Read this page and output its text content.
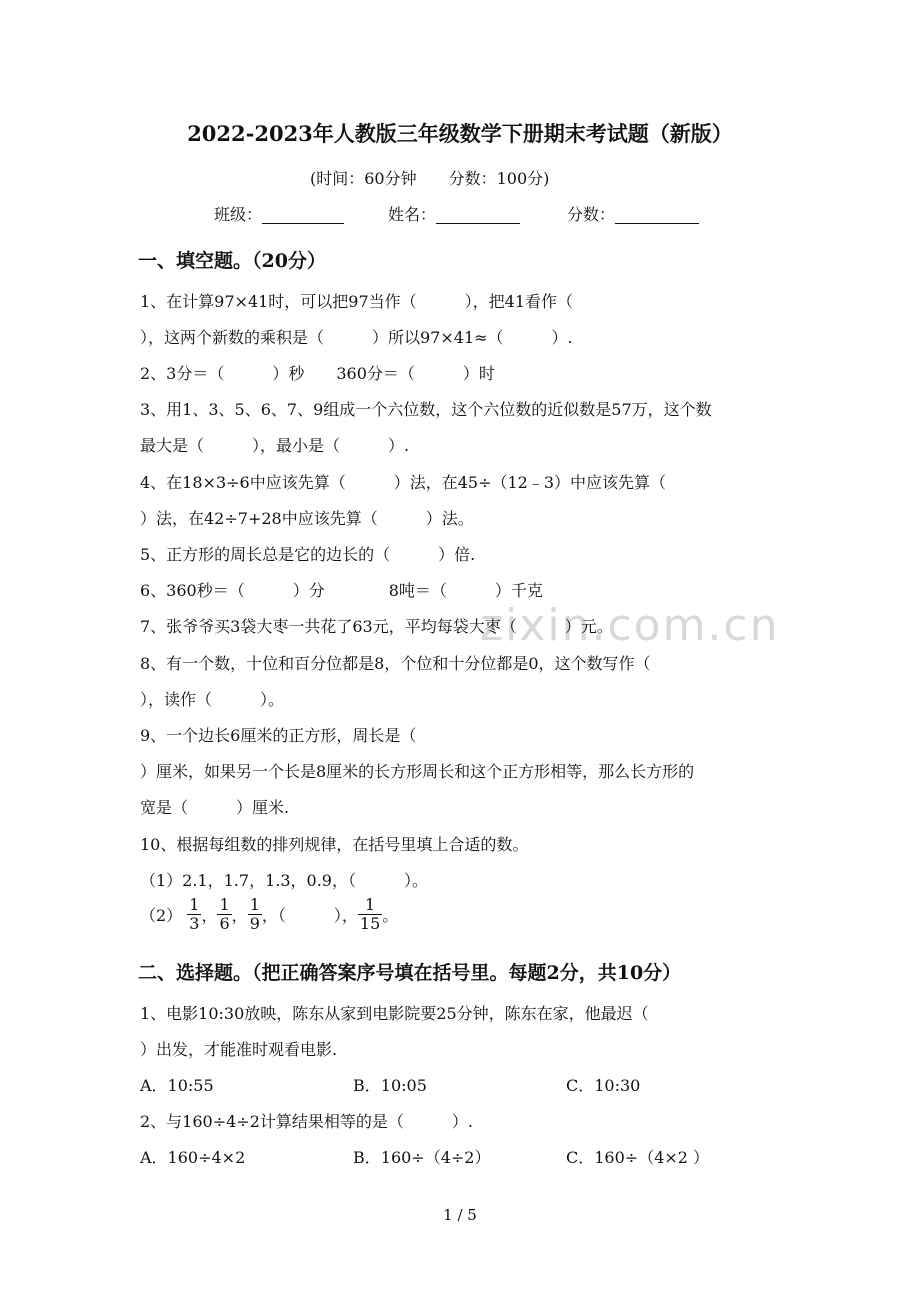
zixin.com.cn
2022-2023年人教版三年级数学下册期末考试题（新版）
(时间：60分钟　　分数：100分)
班级：	姓名：	分数：
一、填空题。（20分）
1、在计算97×41时，可以把97当作（　　　），把41看作（
），这两个新数的乘积是（　　　）所以97×41≈（　　　）.
2、3分＝（　　　）秒　　360分＝（　　　）时
3、用1、3、5、6、7、9组成一个六位数，这个六位数的近似数是57万，这个数
最大是（　　　），最小是（　　　）.
4、在18×3÷6中应该先算（　　　）法，在45÷（12﹣3）中应该先算（
）法，在42÷7+28中应该先算（　　　）法。
5、正方形的周长总是它的边长的（　　　）倍.
6、360秒＝（　　　）分　　　　8吨＝（　　　）千克
7、张爷爷买3袋大枣一共花了63元，平均每袋大枣（　　　）元。
8、有一个数，十位和百分位都是8，个位和十分位都是0，这个数写作（
），读作（　　　）。
9、一个边长6厘米的正方形，周长是（
）厘米，如果另一个长是8厘米的长方形周长和这个正方形相等，那么长方形的
宽是（　　　）厘米.
10、根据每组数的排列规律，在括号里填上合适的数。
（1）2.1，1.7，1.3，0.9，（　　　）。
$(2) \frac{1}{3}$ ， $\frac{1}{6}$ ， $\frac{1}{9}$ ，（　　　）， $\frac{1}{15}$ 。
二、选择题。（把正确答案序号填在括号里。每题2分，共10分）
1、电影10:30放映，陈东从家到电影院要25分钟，陈东在家，他最迟（
）出发，才能准时观看电影.
A．10:55	B．10:05	C．10:30
2、与160÷4÷2计算结果相等的是（　　　）.
A．160÷4×2	B．160÷（4÷2）	C．160÷（4×2 ）
1 / 5
